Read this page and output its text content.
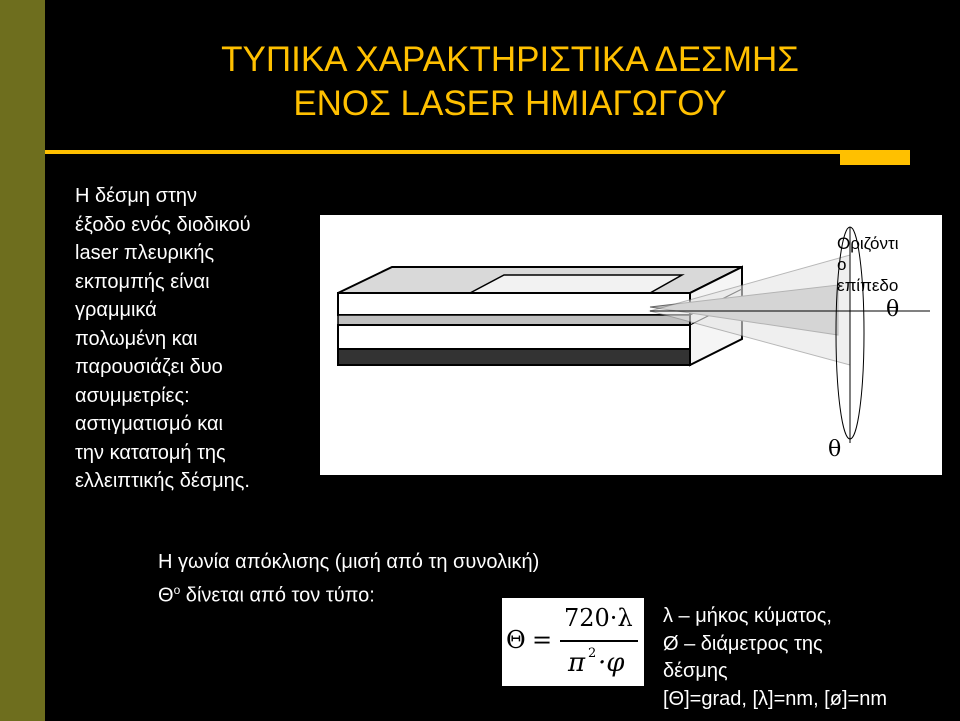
ΤΥΠΙΚΑ ΧΑΡΑΚΤΗΡΙΣΤΙΚΑ ΔΕΣΜΗΣ
ΕΝΟΣ LASER ΗΜΙΑΓΩΓΟΥ
Η δέσμη στην
έξοδο ενός διοδικού
laser πλευρικής
εκπομπής είναι
γραμμικά
πολωμένη και
παρουσιάζει δυο
ασυμμετρίες:
αστιγματισμό και
την κατατομή της
ελλειπτικής δέσμης.
Οριζόντι
ο
επίπεδο
θ
θ
Κατακόρυφ
ο επίπεδο
Η γωνία απόκλισης (μισή από τη συνολική)
$\Theta^o$ δίνεται από τον τύπο:
Θ =
720·λ
π 2 ·φ
λ – μήκος κύματος,
Ø – διάμετρος της
δέσμης
[Θ]=grad, [λ]=nm, [ø]=nm
